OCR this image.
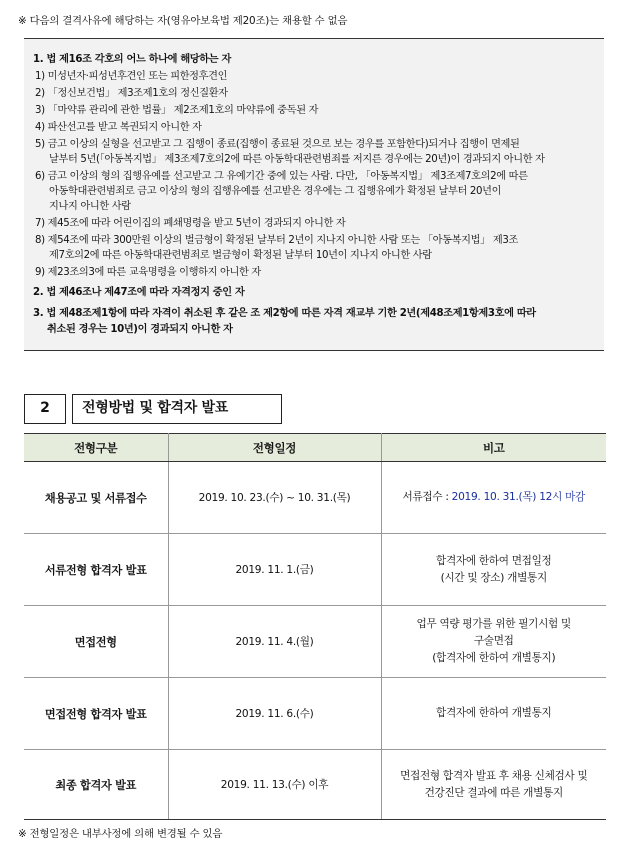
※ 다음의 결격사유에 해당하는 자(영유아보육법 제20조)는 채용할 수 없음
1. 법 제16조 각호의 어느 하나에 해당하는 자
1) 미성년자·피성년후견인 또는 피한정후견인
2) 「정신보건법」 제3조제1호의 정신질환자
3) 「마약류 관리에 관한 법률」 제2조제1호의 마약류에 중독된 자
4) 파산선고를 받고 복권되지 아니한 자
5) 금고 이상의 실형을 선고받고 그 집행이 종료(집행이 종료된 것으로 보는 경우를 포함한다)되거나 집행이 면제된
날부터 5년(「아동복지법」 제3조제7호의2에 따른 아동학대관련범죄를 저지른 경우에는 20년)이 경과되지 아니한 자
6) 금고 이상의 형의 집행유예를 선고받고 그 유예기간 중에 있는 사람. 다만, 「아동복지법」 제3조제7호의2에 따른
아동학대관련범죄로 금고 이상의 형의 집행유예를 선고받은 경우에는 그 집행유예가 확정된 날부터 20년이
지나지 아니한 사람
7) 제45조에 따라 어린이집의 폐쇄명령을 받고 5년이 경과되지 아니한 자
8) 제54조에 따라 300만원 이상의 벌금형이 확정된 날부터 2년이 지나지 아니한 사람 또는 「아동복지법」 제3조
제7호의2에 따른 아동학대관련범죄로 벌금형이 확정된 날부터 10년이 지나지 아니한 사람
9) 제23조의3에 따른 교육명령을 이행하지 아니한 자
2. 법 제46조나 제47조에 따라 자격정지 중인 자
3. 법 제48조제1항에 따라 자격이 취소된 후 같은 조 제2항에 따른 자격 재교부 기한 2년(제48조제1항제3호에 따라
취소된 경우는 10년)이 경과되지 아니한 자
2	전형방법 및 합격자 발표
전형구분	전형일정	비고
채용공고 및 서류접수	2019. 10. 23.(수) ~ 10. 31.(목)	서류접수 : 2019. 10. 31.(목) 12시 마감
서류전형 합격자 발표	2019. 11. 1.(금)	합격자에 한하여 면접일정
(시간 및 장소) 개별통지

면접전형	2019. 11. 4.(월)	업무 역량 평가를 위한 필기시험 및
구술면접
(합격자에 한하여 개별통지)

면접전형 합격자 발표	2019. 11. 6.(수)	합격자에 한하여 개별통지

최종 합격자 발표	2019. 11. 13.(수) 이후	면접전형 합격자 발표 후 채용 신체검사 및
건강진단 결과에 따른 개별통지
※ 전형일정은 내부사정에 의해 변경될 수 있음
